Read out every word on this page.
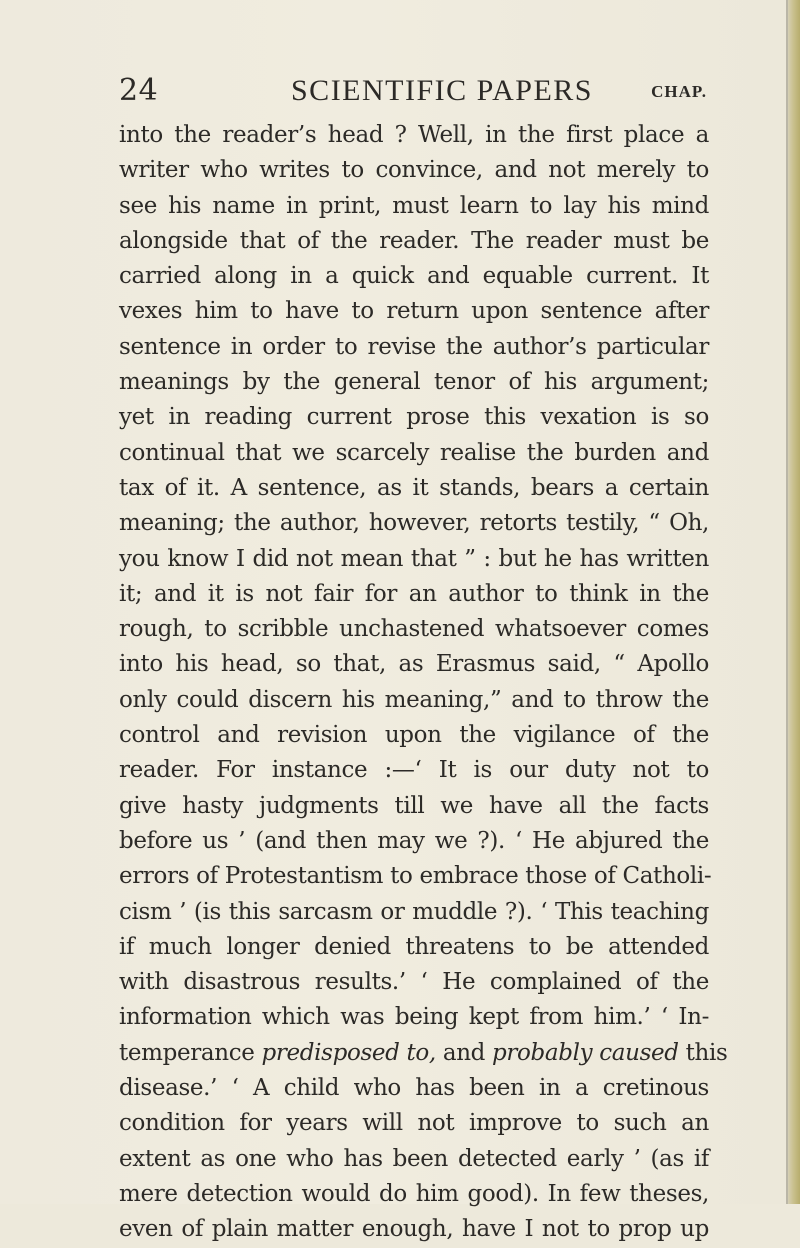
24	SCIENTIFIC PAPERS	CHAP.
into the reader’s head ? Well, in the first place a
writer who writes to convince, and not merely to
see his name in print, must learn to lay his mind
alongside that of the reader. The reader must be
carried along in a quick and equable current. It
vexes him to have to return upon sentence after
sentence in order to revise the author’s particular
meanings by the general tenor of his argument;
yet in reading current prose this vexation is so
continual that we scarcely realise the burden and
tax of it. A sentence, as it stands, bears a certain
meaning; the author, however, retorts testily, “ Oh,
you know I did not mean that ” : but he has written
it; and it is not fair for an author to think in the
rough, to scribble unchastened whatsoever comes
into his head, so that, as Erasmus said, “ Apollo
only could discern his meaning,” and to throw the
control and revision upon the vigilance of the
reader. For instance :—‘ It is our duty not to
give hasty judgments till we have all the facts
before us ’ (and then may we ?). ‘ He abjured the
errors of Protestantism to embrace those of Catholi-
cism ’ (is this sarcasm or muddle ?). ‘ This teaching
if much longer denied threatens to be attended
with disastrous results.’ ‘ He complained of the
information which was being kept from him.’ ‘ In-
temperance predisposed to, and probably caused this
disease.’ ‘ A child who has been in a cretinous
condition for years will not improve to such an
extent as one who has been detected early ’ (as if
mere detection would do him good). In few theses,
even of plain matter enough, have I not to prop up
